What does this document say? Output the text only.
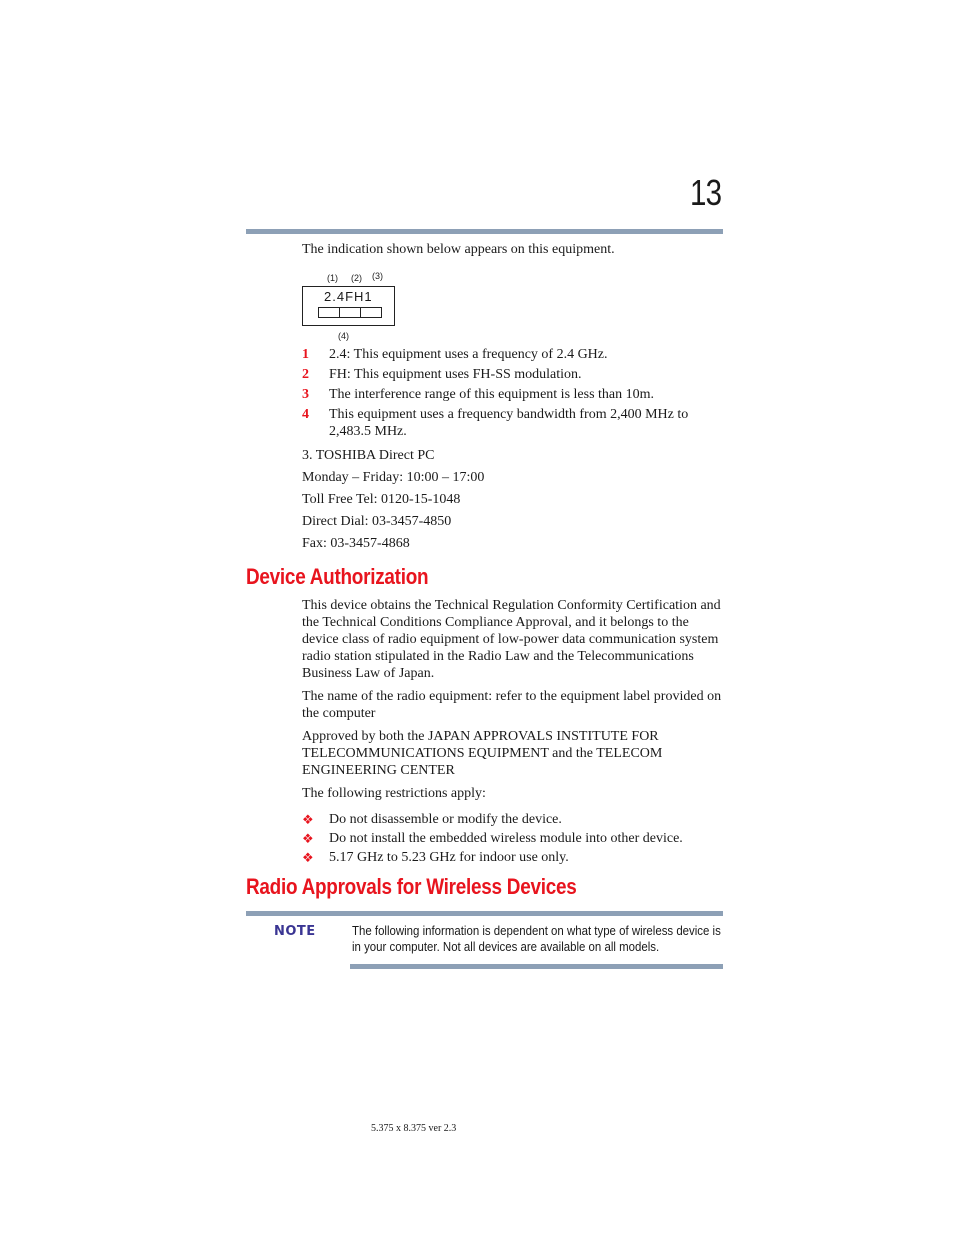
13
The indication shown below appears on this equipment.
(1) (2) (3)
2.4FH1
(4)
1	2.4: This equipment uses a frequency of 2.4 GHz.
2	FH: This equipment uses FH-SS modulation.
3	The interference range of this equipment is less than 10m.
4	This equipment uses a frequency bandwidth from 2,400 MHz to 2,483.5 MHz.
3. TOSHIBA Direct PC
Monday – Friday: 10:00 – 17:00
Toll Free Tel: 0120-15-1048
Direct Dial: 03-3457-4850
Fax: 03-3457-4868
Device Authorization

This device obtains the Technical Regulation Conformity Certification and the Technical Conditions Compliance Approval, and it belongs to the device class of radio equipment of low-power data communication system radio station stipulated in the Radio Law and the Telecommunications Business Law of Japan.

The name of the radio equipment: refer to the equipment label provided on the computer

Approved by both the JAPAN APPROVALS INSTITUTE FOR TELECOMMUNICATIONS EQUIPMENT and the TELECOM ENGINEERING CENTER

The following restrictions apply:

❖	Do not disassemble or modify the device.
❖	Do not install the embedded wireless module into other device.
❖	5.17 GHz to 5.23 GHz for indoor use only.
Radio Approvals for Wireless Devices
NOTE	The following information is dependent on what type of wireless device is in your computer. Not all devices are available on all models.
5.375 x 8.375 ver 2.3
